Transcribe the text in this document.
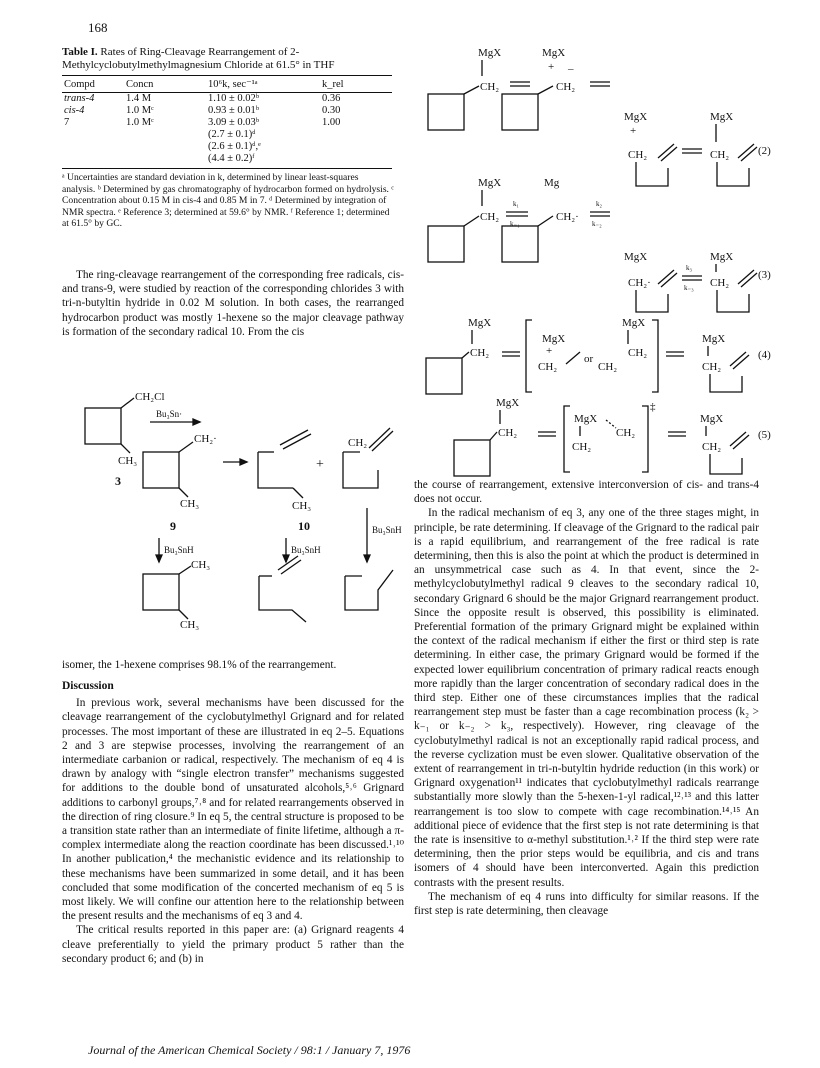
168

Table I. Rates of Ring-Cleavage Rearrangement of 2-Methylcyclobutylmethylmagnesium Chloride at 61.5° in THF

Compd	Concn	10⁶k, sec⁻¹ᵃ	k_rel
trans-4	1.4 M	1.10 ± 0.02ᵇ	0.36
cis-4	1.0 Mᶜ	0.93 ± 0.01ᵇ	0.30
7	1.0 Mᶜ	3.09 ± 0.03ᵇ	1.00
		(2.7 ± 0.1)ᵈ	
		(2.6 ± 0.1)ᵈ,ᵉ	
		(4.4 ± 0.2)ᶠ	
ᵃ Uncertainties are standard deviation in k, determined by linear least-squares analysis. ᵇ Determined by gas chromatography of hydrocarbon formed on hydrolysis. ᶜ Concentration about 0.15 M in cis-4 and 0.85 M in 7. ᵈ Determined by integration of NMR spectra. ᵉ Reference 3; determined at 59.6° by NMR. ᶠ Reference 1; determined at 61.5° by GC.

The ring-cleavage rearrangement of the corresponding free radicals, cis- and trans-9, were studied by reaction of the corresponding chlorides 3 with tri-n-butyltin hydride in 0.02 M solution. In both cases, the rearranged hydrocarbon product was mostly 1-hexene so the major cleavage pathway is formation of the secondary radical 10. From the cis

isomer, the 1-hexene comprises 98.1% of the rearrangement.

Discussion

In previous work, several mechanisms have been discussed for the cleavage rearrangement of the cyclobutylmethyl Grignard and for related processes. The most important of these are illustrated in eq 2–5. Equations 2 and 3 are stepwise processes, involving the rearrangement of an intermediate carbanion or radical, respectively. The mechanism of eq 4 is drawn by analogy with “single electron transfer” mechanisms suggested for additions to the double bond of unsaturated alcohols,⁵˒⁶ Grignard additions to carbonyl groups,⁷˒⁸ and for related rearrangements observed in the direction of ring closure.⁹ In eq 5, the central structure is proposed to be a transition state rather than an intermediate of finite lifetime, although a π-complex intermediate along the reaction coordinate has been discussed.¹˒¹⁰ In another publication,⁴ the mechanistic evidence and its relationship to these mechanisms have been summarized in some detail, and it has been concluded that some modification of the concerted mechanism of eq 5 is most likely. We will confine our attention here to the relationship between the present results and the mechanisms of eq 3 and 4.

The critical results reported in this paper are: (a) Grignard reagents 4 cleave preferentially to yield the primary product 5 rather than the secondary product 6; and (b) in

the course of rearrangement, extensive interconversion of cis- and trans-4 does not occur.

In the radical mechanism of eq 3, any one of the three stages might, in principle, be rate determining. If cleavage of the Grignard to the radical pair is a rapid equilibrium, and rearrangement of the free radical is rate determining, then this is also the point at which the product is determined in an unsymmetrical case such as 4. In that event, since the 2-methylcyclobutylmethyl radical 9 cleaves to the secondary radical 10, secondary Grignard 6 should be the major Grignard rearrangement product. Since the opposite result is observed, this possibility is eliminated. Preferential formation of the primary Grignard might be explained within the context of the radical mechanism if either the first or third step is rate determining. In either case, the primary Grignard would be formed if the expected lower equilibrium concentration of primary radical reacts enough more rapidly than the larger concentration of secondary radical does in the third step. Either one of these circumstances implies that the radical rearrangement step must be faster than a cage recombination process (k₂ > k₋₁ or k₋₂ > k₃, respectively). However, ring cleavage of the cyclobutylmethyl radical is not an exceptionally rapid radical process, and the reverse cyclization must be even slower. Qualitative observation of the extent of rearrangement in tri-n-butyltin hydride reduction (in this work) or Grignard oxygenation¹¹ indicates that cyclobutylmethyl radicals rearrange substantially more slowly than the 5-hexen-1-yl radical,¹²˒¹³ and this latter rearrangement is too slow to compete with cage recombination.¹⁴˒¹⁵ An additional piece of evidence that the first step is not rate determining is that the rate is insensitive to α-methyl substitution.¹˒² If the third step were rate determining, then the prior steps would be equilibria, and cis and trans isomers of 4 should have been interconverted. Again this prediction contrasts with the present results.

The mechanism of eq 4 runs into difficulty for similar reasons. If the first step is rate determining, then cleavage

CH₂Cl
CH₃
3
Bu₃Sn·
CH₂·
CH₃
9
CH₃
10
+
CH₂
Bu₃SnH	Bu₃SnH
Bu₃SnH
CH₃
CH₃
MgX
CH₂
MgX
+ –
CH₂
MgX
+
CH₂
MgX
CH₂	(2)
MgX
CH₂
k₁
k₋₁
Mg
CH₂·
k₂
k₋₂
MgX
CH₂·
k₃
k₋₃
MgX
CH₂
(3)
MgX
CH₂
MgX
+
CH₂
or
CH₂
MgX
CH₂
MgX
CH₂
(4)
MgX
CH₂
MgX
CH₂
CH₂
‡
MgX
CH₂
(5)
Journal of the American Chemical Society / 98:1 / January 7, 1976
